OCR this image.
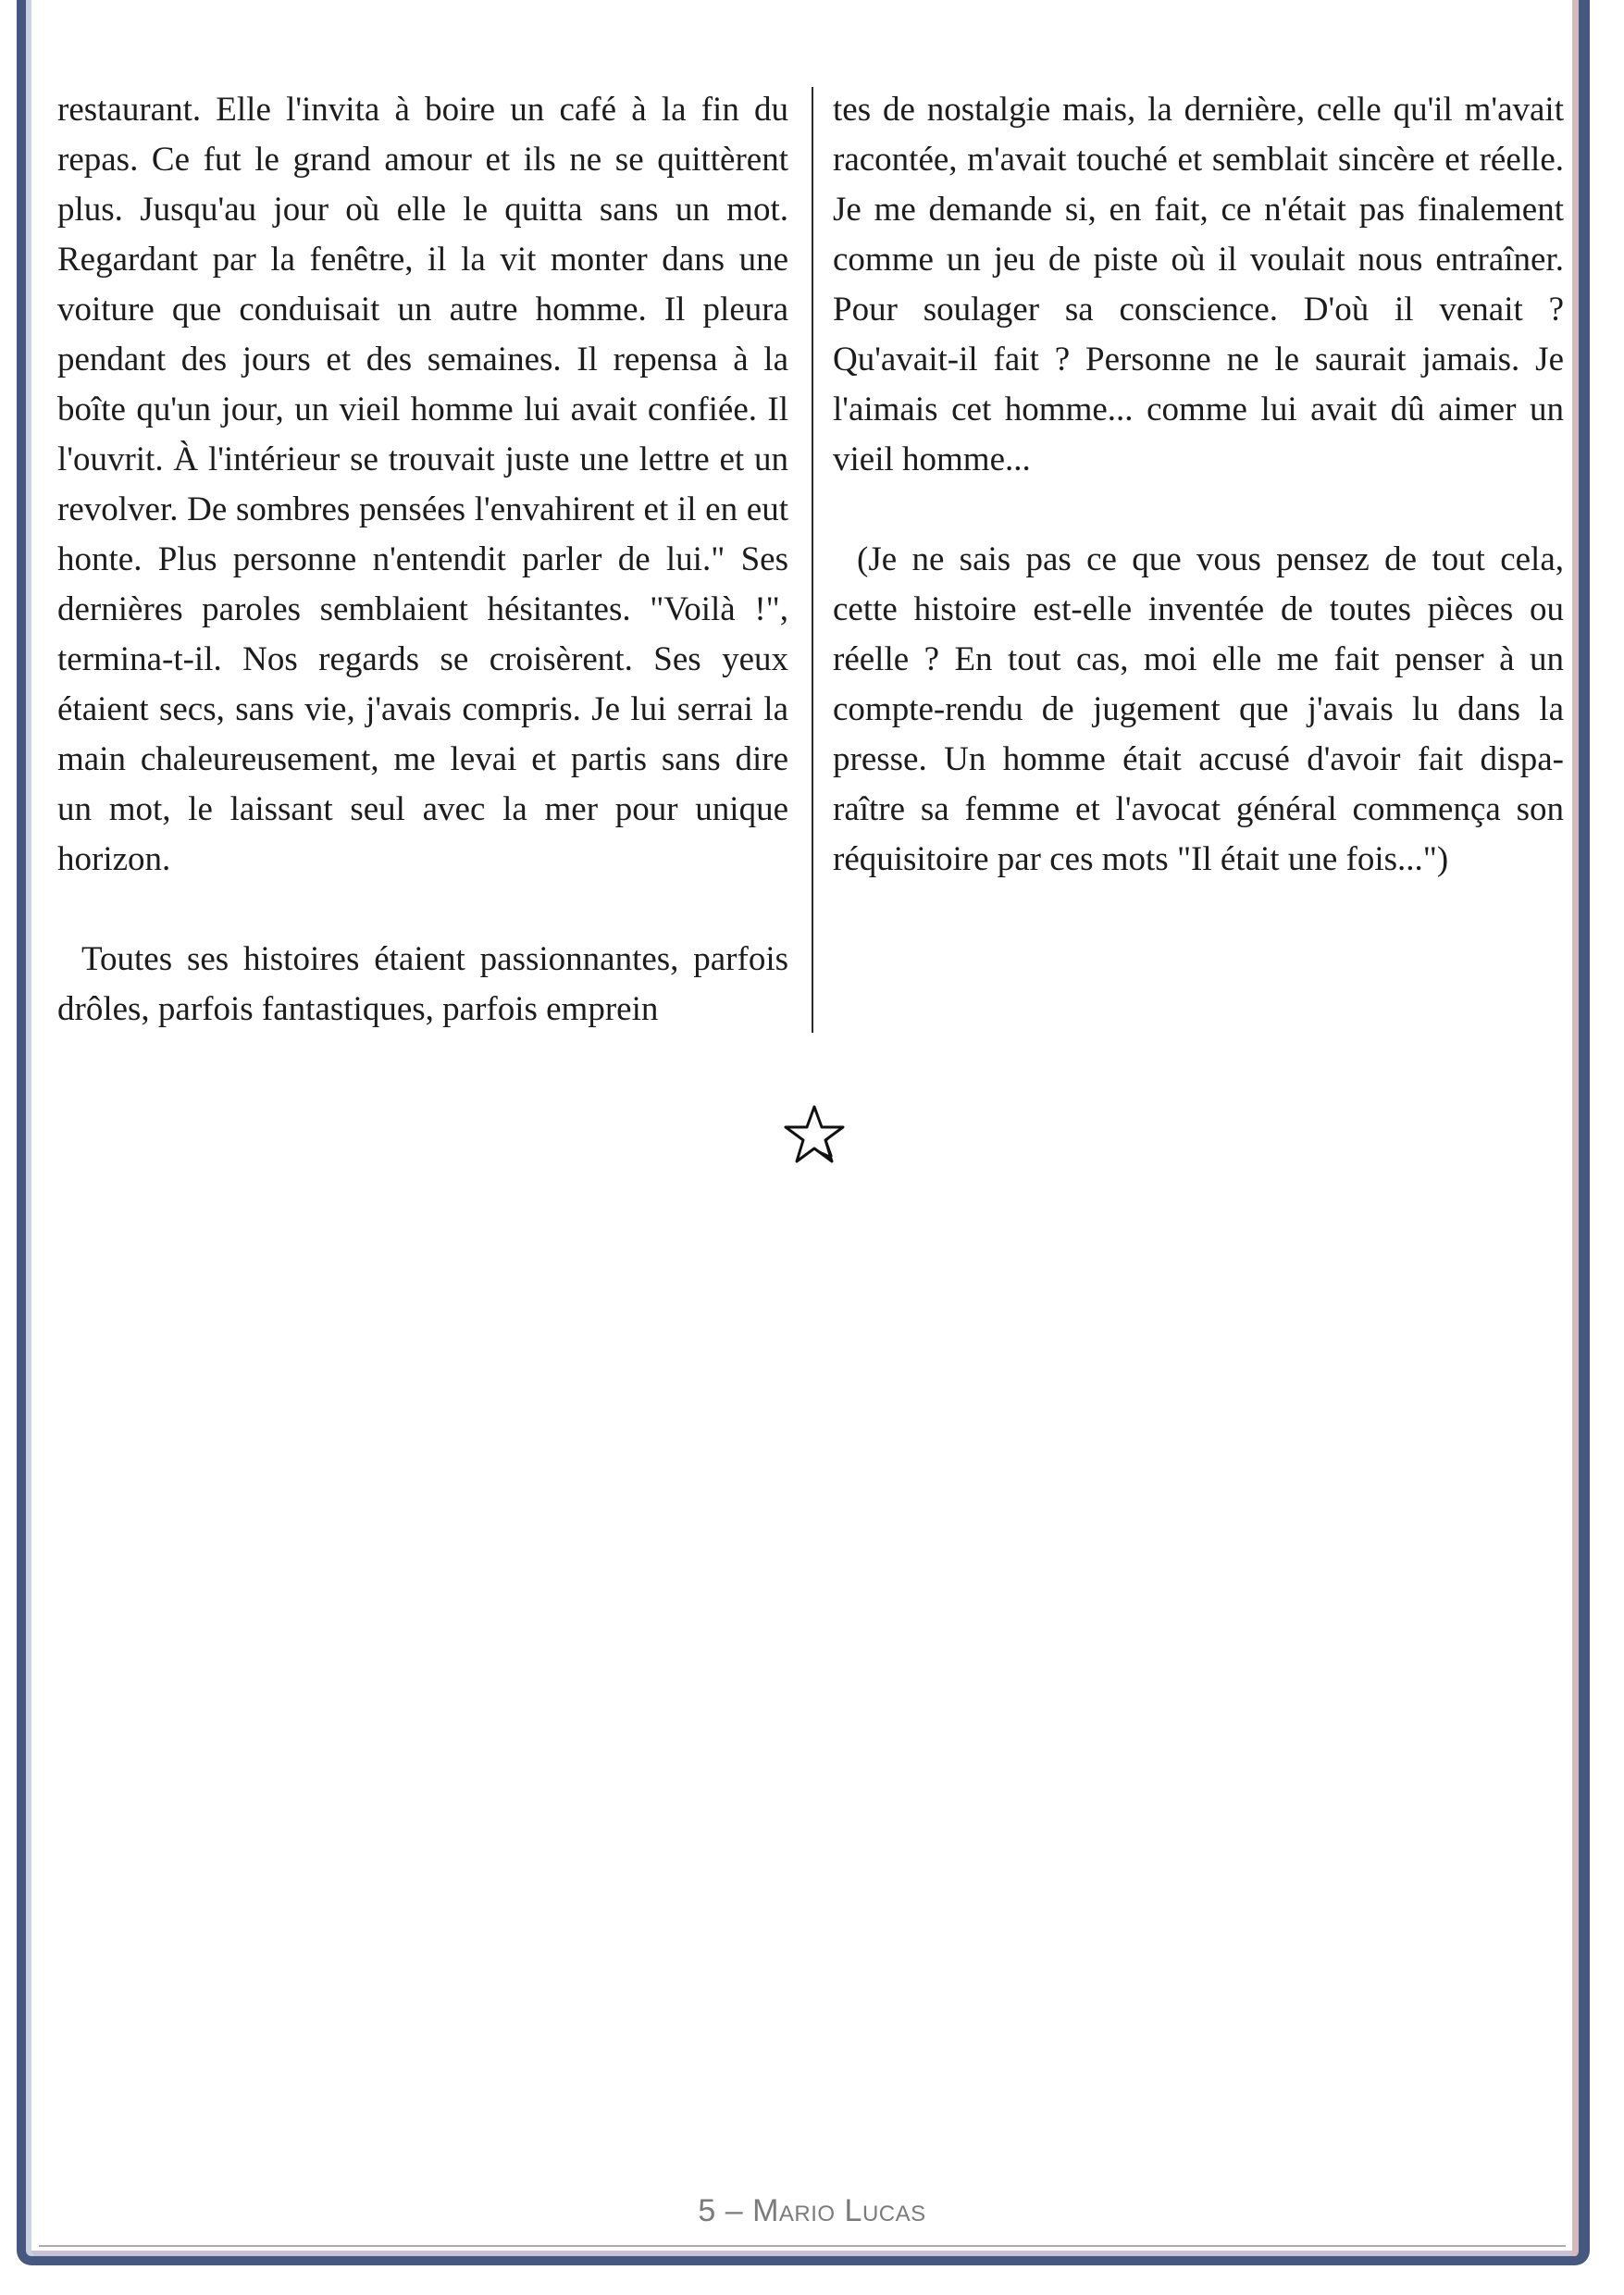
restaurant. Elle l'invita à boire un café à la fin du repas. Ce fut le grand amour et ils ne se quittèrent plus. Jusqu'au jour où elle le quitta sans un mot. Regardant par la fenêtre, il la vit monter dans une voiture que conduisait un autre homme. Il pleura pendant des jours et des semaines. Il repensa à la boîte qu'un jour, un vieil homme lui avait confiée. Il l'ouvrit. À l'intérieur se trouvait juste une lettre et un revolver. De sombres pensées l'envahirent et il en eut honte. Plus personne n'entendit parler de lui." Ses dernières paroles semblaient hésitantes. "Voilà !", termina-t-il. Nos regards se croisèrent. Ses yeux étaient secs, sans vie, j'avais compris. Je lui serrai la main chaleureusement, me levai et partis sans dire un mot, le laissant seul avec la mer pour unique horizon.

Toutes ses histoires étaient passionnantes, parfois drôles, parfois fantastiques, parfois emprein

tes de nostalgie mais, la dernière, celle qu'il m'avait racontée, m'avait touché et semblait sincère et réelle. Je me demande si, en fait, ce n'était pas finalement comme un jeu de piste où il voulait nous entraîner. Pour soulager sa conscience. D'où il venait ? Qu'avait-il fait ? Personne ne le saurait jamais. Je l'aimais cet homme... comme lui avait dû aimer un vieil homme...

(Je ne sais pas ce que vous pensez de tout cela, cette histoire est-elle inventée de toutes pièces ou réelle ? En tout cas, moi elle me fait penser à un compte-rendu de jugement que j'avais lu dans la presse. Un homme était accusé d'avoir fait disparaître sa femme et l'avocat général commença son réquisitoire par ces mots "Il était une fois...")

5 – Mario Lucas
